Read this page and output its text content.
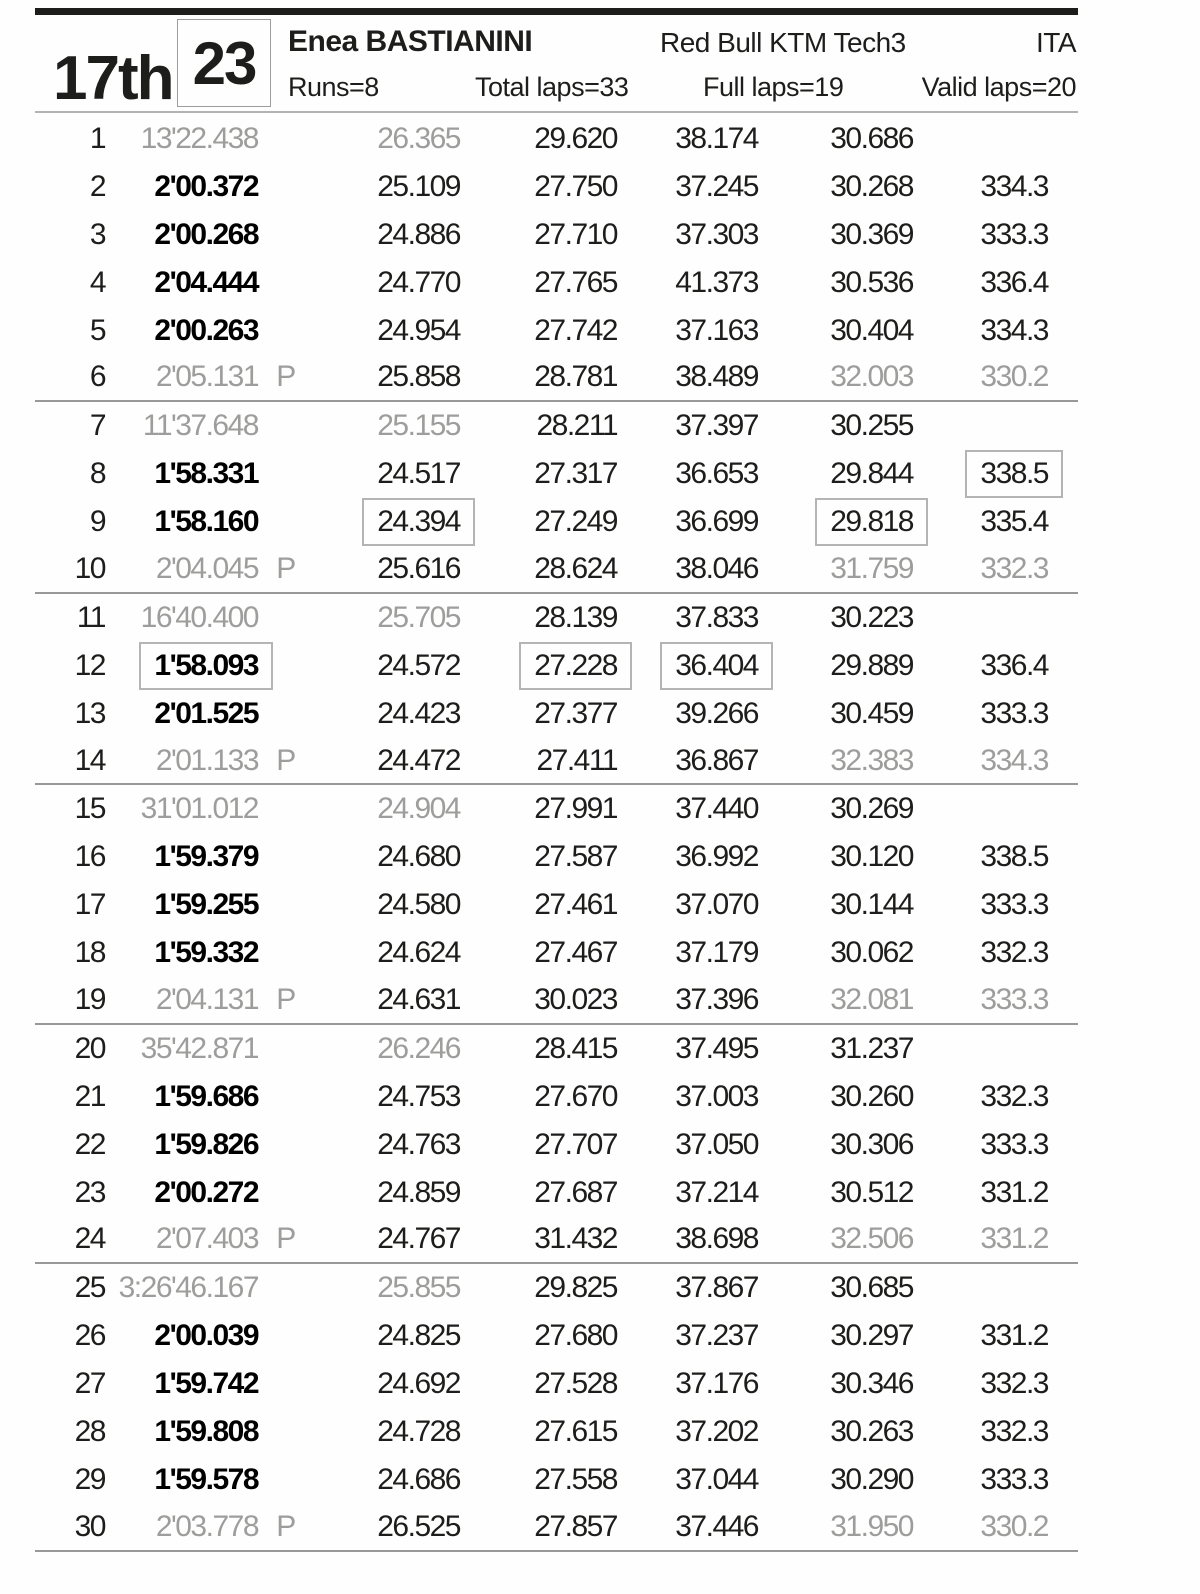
17th 23 Enea BASTIANINI	Red Bull KTM Tech3	ITA
Runs=8	Total laps=33	Full laps=19	Valid laps=20
1 13'22.438	26.365 29.620 38.174 30.686
2 2'00.372	25.109 27.750 37.245 30.268 334.3
3 2'00.268	24.886 27.710 37.303 30.369 333.3
4 2'04.444	24.770 27.765 41.373 30.536 336.4
5 2'00.263	24.954 27.742 37.163 30.404 334.3
6 2'05.131 P	25.858 28.781 38.489 32.003 330.2
7 11'37.648	25.155	28.211 37.397 30.255
8 1'58.331	24.517 27.317 36.653 29.844	338.5
9 1'58.160	24.394	27.249 36.699	29.818	335.4
10 2'04.045 P	25.616 28.624 38.046 31.759 332.3
11 16'40.400	25.705 28.139 37.833 30.223
12	1'58.093	24.572	27.228	36.404	29.889 336.4
13 2'01.525	24.423 27.377 39.266 30.459 333.3
14 2'01.133 P	24.472	27.411 36.867 32.383 334.3
15 31'01.012	24.904 27.991 37.440 30.269
16 1'59.379	24.680 27.587 36.992 30.120 338.5
17 1'59.255	24.580 27.461 37.070 30.144 333.3
18 1'59.332	24.624 27.467 37.179 30.062 332.3
19 2'04.131 P	24.631 30.023 37.396 32.081 333.3
20 35'42.871	26.246 28.415 37.495 31.237
21 1'59.686	24.753 27.670 37.003 30.260 332.3
22 1'59.826	24.763 27.707 37.050 30.306 333.3
23 2'00.272	24.859 27.687 37.214 30.512 331.2
24 2'07.403 P	24.767 31.432 38.698 32.506 331.2
25 3:26'46.167	25.855 29.825 37.867 30.685
26 2'00.039	24.825 27.680 37.237 30.297 331.2
27 1'59.742	24.692 27.528 37.176 30.346 332.3
28 1'59.808	24.728 27.615 37.202 30.263 332.3
29 1'59.578	24.686 27.558 37.044 30.290 333.3
30 2'03.778 P	26.525 27.857 37.446 31.950 330.2
